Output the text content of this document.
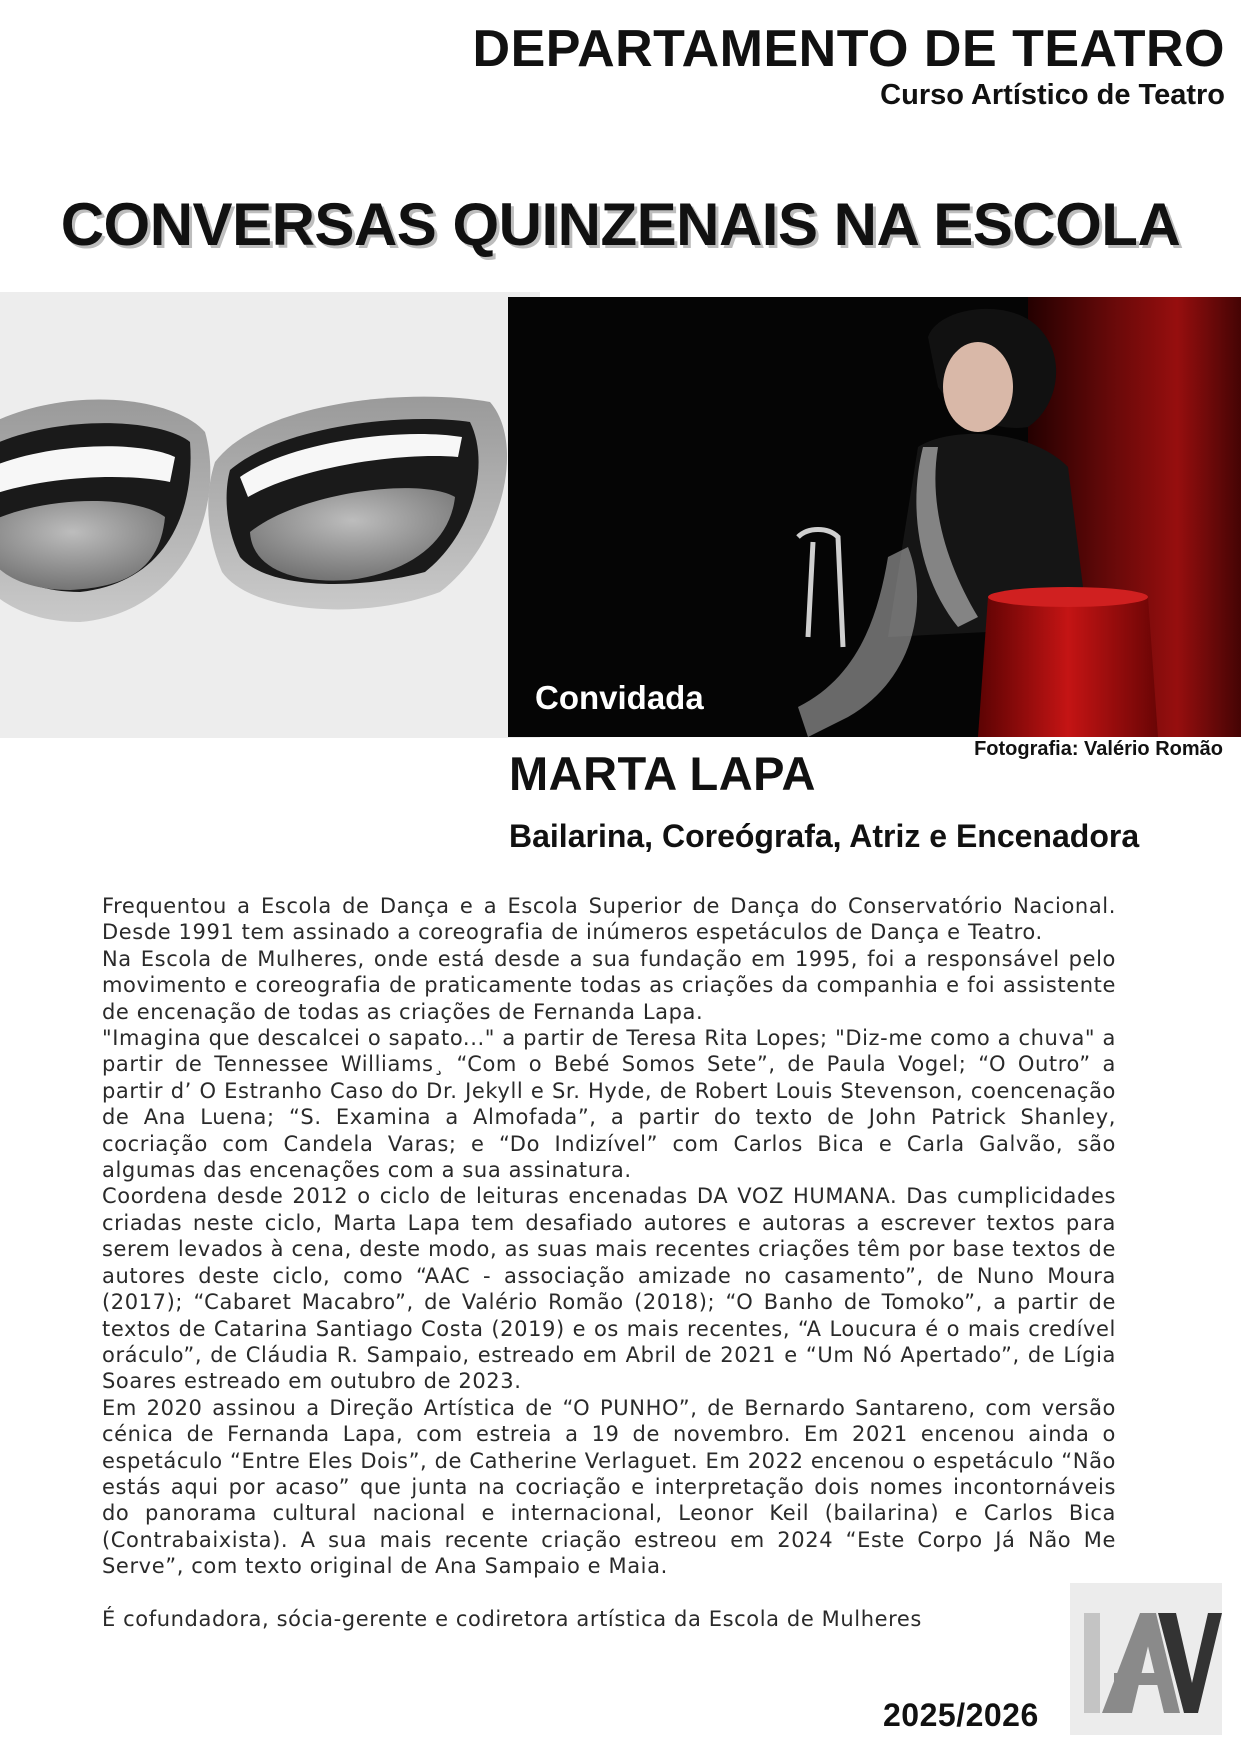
DEPARTAMENTO DE TEATRO
Curso Artístico de Teatro
CONVERSAS QUINZENAIS NA ESCOLA
Convidada
Fotografia: Valério Romão
MARTA LAPA
Bailarina, Coreógrafa, Atriz e Encenadora

Frequentou a Escola de Dança e a Escola Superior de Dança do Conservatório Nacional. Desde 1991 tem assinado a coreografia de inúmeros espetáculos de Dança e Teatro.

Na Escola de Mulheres, onde está desde a sua fundação em 1995, foi a responsável pelo movimento e coreografia de praticamente todas as criações da companhia e foi assistente de encenação de todas as criações de Fernanda Lapa.

"Imagina que descalcei o sapato..." a partir de Teresa Rita Lopes; "Diz-me como a chuva" a partir de Tennessee Williams¸ “Com o Bebé Somos Sete”, de Paula Vogel; “O Outro” a partir d’ O Estranho Caso do Dr. Jekyll e Sr. Hyde, de Robert Louis Stevenson, coencenação de Ana Luena; “S. Examina a Almofada”, a partir do texto de John Patrick Shanley, cocriação com Candela Varas; e “Do Indizível” com Carlos Bica e Carla Galvão, são algumas das encenações com a sua assinatura.

Coordena desde 2012 o ciclo de leituras encenadas DA VOZ HUMANA. Das cumplicidades criadas neste ciclo, Marta Lapa tem desafiado autores e autoras a escrever textos para serem levados à cena, deste modo, as suas mais recentes criações têm por base textos de autores deste ciclo, como “AAC - associação amizade no casamento”, de Nuno Moura (2017); “Cabaret Macabro”, de Valério Romão (2018); “O Banho de Tomoko”, a partir de textos de Catarina Santiago Costa (2019) e os mais recentes, “A Loucura é o mais credível oráculo”, de Cláudia R. Sampaio, estreado em Abril de 2021 e “Um Nó Apertado”, de Lígia Soares estreado em outubro de 2023.

Em 2020 assinou a Direção Artística de “O PUNHO”, de Bernardo Santareno, com versão cénica de Fernanda Lapa, com estreia a 19 de novembro. Em 2021 encenou ainda o espetáculo “Entre Eles Dois”, de Catherine Verlaguet. Em 2022 encenou o espetáculo “Não estás aqui por acaso” que junta na cocriação e interpretação dois nomes incontornáveis do panorama cultural nacional e internacional, Leonor Keil (bailarina) e Carlos Bica (Contrabaixista). A sua mais recente criação estreou em 2024 “Este Corpo Já Não Me Serve”, com texto original de Ana Sampaio e Maia.

É cofundadora, sócia-gerente e codiretora artística da Escola de Mulheres

2025/2026
